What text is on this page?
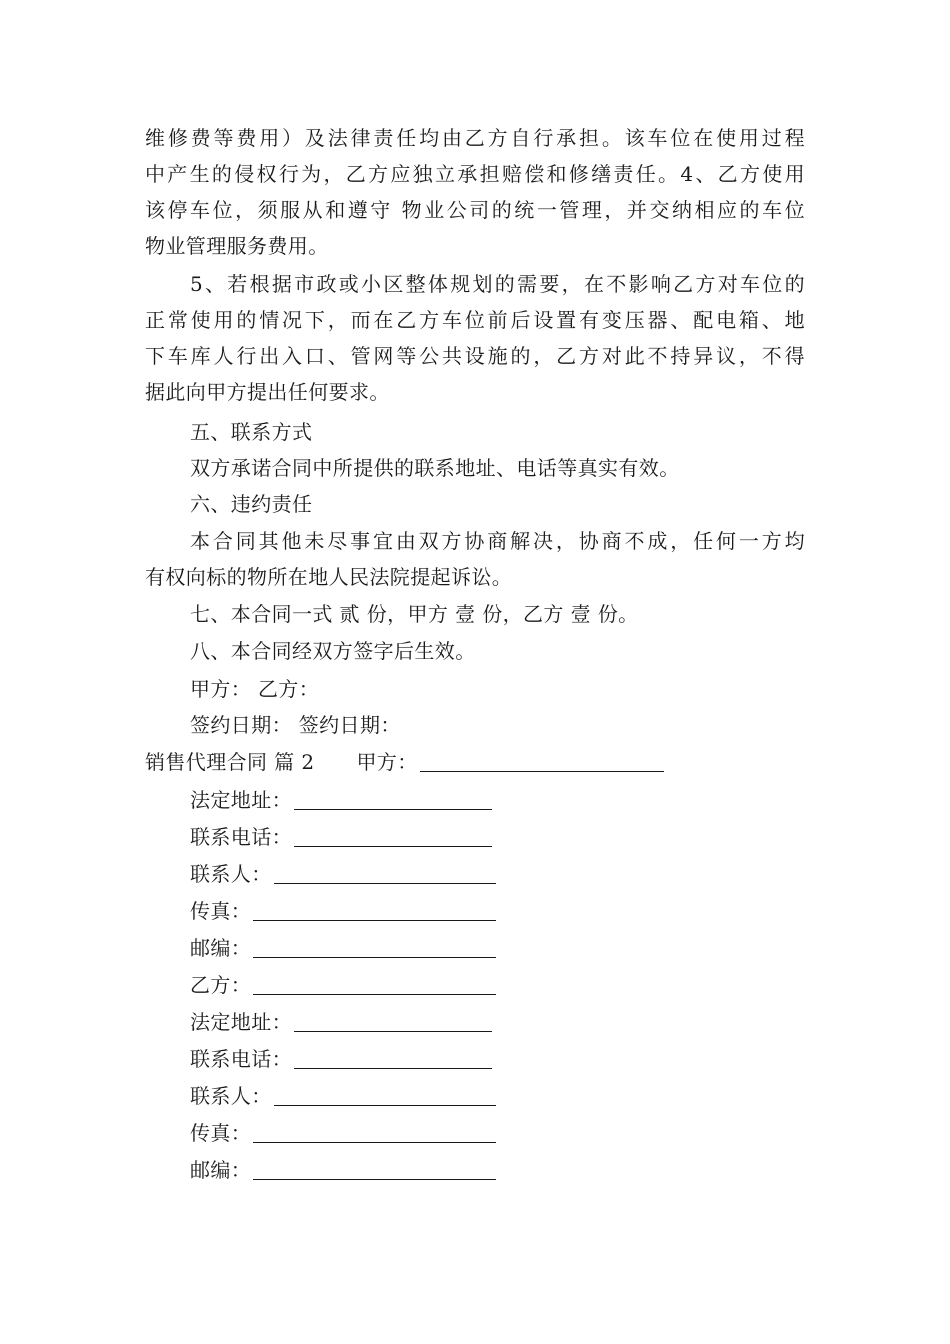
维修费等费用）及法律责任均由乙方自行承担。该车位在使用过程
中产生的侵权行为，乙方应独立承担赔偿和修缮责任。4、乙方使用
该停车位，须服从和遵守 物业公司的统一管理，并交纳相应的车位
物业管理服务费用。
5、若根据市政或小区整体规划的需要，在不影响乙方对车位的
正常使用的情况下，而在乙方车位前后设置有变压器、配电箱、地
下车库人行出入口、管网等公共设施的，乙方对此不持异议，不得
据此向甲方提出任何要求。
五、联系方式
双方承诺合同中所提供的联系地址、电话等真实有效。
六、违约责任
本合同其他未尽事宜由双方协商解决，协商不成，任何一方均
有权向标的物所在地人民法院提起诉讼。
七、本合同一式 贰 份，甲方 壹 份，乙方 壹 份。
八、本合同经双方签字后生效。
甲方： 乙方：
签约日期： 签约日期：
销售代理合同 篇 2 甲方：
法定地址：
联系电话：
联系人：
传真：
邮编：
乙方：
法定地址：
联系电话：
联系人：
传真：
邮编：
